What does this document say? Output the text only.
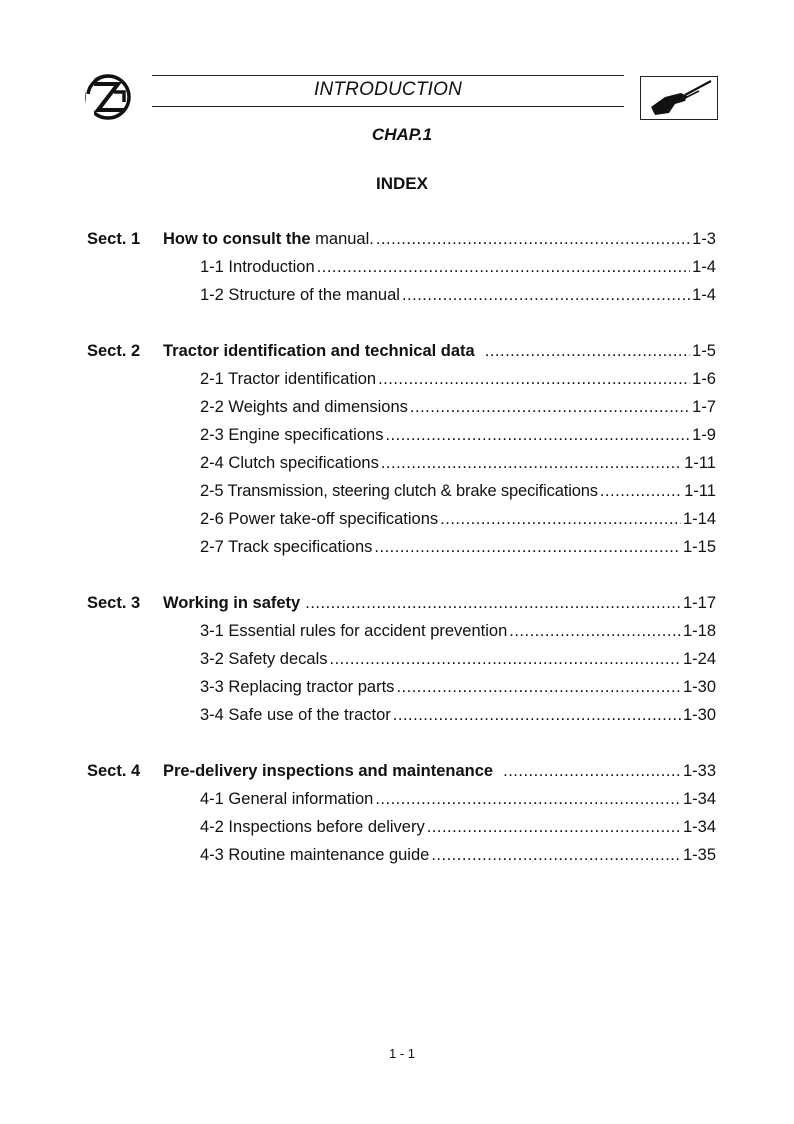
INTRODUCTION
CHAP.1
INDEX
Sect. 1 How to consult the manual. .....	1-3
1-1 Introduction .....	1-4
1-2 Structure of the manual .....	1-4
Sect. 2 Tractor identification and technical data .....	1-5
2-1 Tractor identification .....	1-6
2-2 Weights and dimensions .....	1-7
2-3 Engine specifications .....	1-9
2-4 Clutch specifications .....	1-11
2-5 Transmission, steering clutch & brake specifications .....	1-11
2-6 Power take-off specifications .....	1-14
2-7 Track specifications .....	1-15
Sect. 3 Working in safety .....	1-17
3-1 Essential rules for accident prevention .....	1-18
3-2 Safety decals .....	1-24
3-3 Replacing tractor parts .....	1-30
3-4 Safe use of the tractor .....	1-30
Sect. 4 Pre-delivery inspections and maintenance .....	1-33
4-1 General information .....	1-34
4-2 Inspections before delivery .....	1-34
4-3 Routine maintenance guide .....	1-35
1 - 1
